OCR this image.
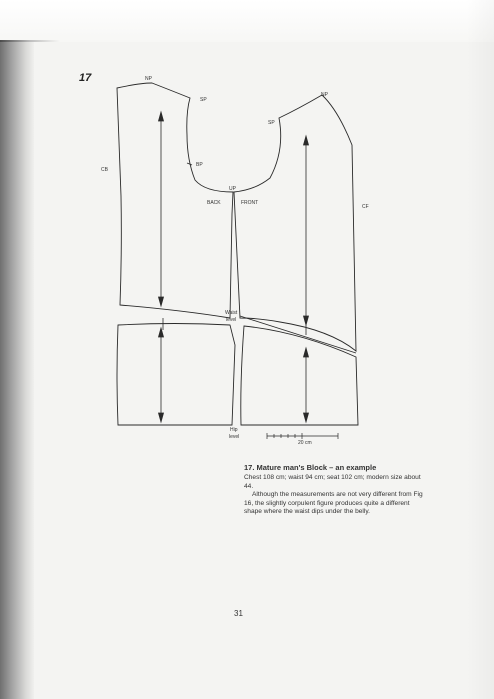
17	NP
SP
CB
BP
UP
BACK	FRONT
NP
SP
CF
Waist
level
Hip
level
20 cm

17. Mature man's Block – an example

Chest 108 cm; waist 94 cm; seat 102 cm; modern size about 44.

Although the measurements are not very different from Fig 16, the slightly corpulent figure produces quite a different shape where the waist dips under the belly.

31
